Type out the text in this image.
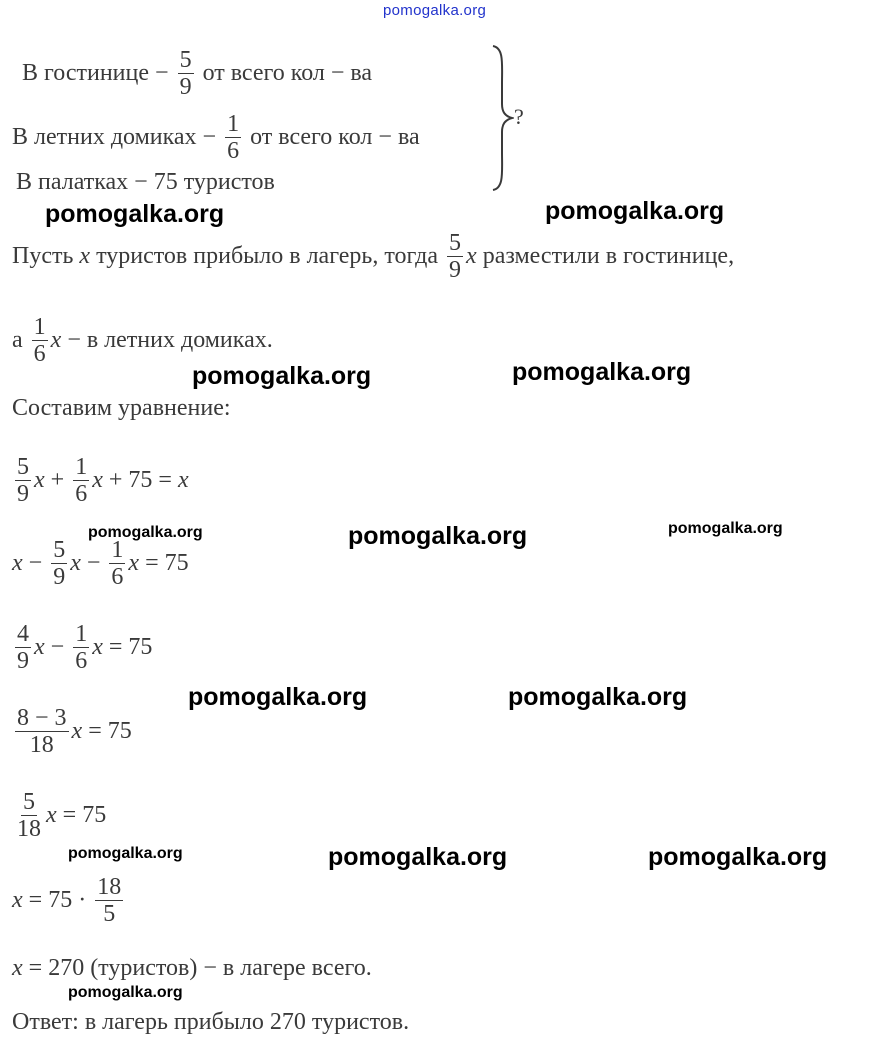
pomogalka.org
В гостинице − $\frac{5}{9}$ от всего кол − ва
В летних домиках − $\frac{1}{6}$ от всего кол − ва
В палатках − 75 туристов
Пусть x туристов прибыло в лагерь, тогда $\frac{5}{9}$ x разместили в гостинице,
а $\frac{1}{6}$ x − в летних домиках.
Составим уравнение:
$\frac{5}{9}$ $x + \frac{1}{6}$ x + 75 = x
$x - \frac{5}{9}$ $x - \frac{1}{6}$ x = 75
$\frac{4}{9}$ $x - \frac{1}{6}$ x = 75
$\frac{8 - 3}{18}$ x = 75
$\frac{5}{18}$ x = 75
$x = 75 \cdot \frac{18}{5}$
x = 270 (туристов) − в лагере всего.
Ответ: в лагерь прибыло 270 туристов.
?
pomogalka.org	pomogalka.org
pomogalka.org	pomogalka.org
pomogalka.org	pomogalka.org	pomogalka.org
pomogalka.org	pomogalka.org
pomogalka.org	pomogalka.org	pomogalka.org
pomogalka.org
